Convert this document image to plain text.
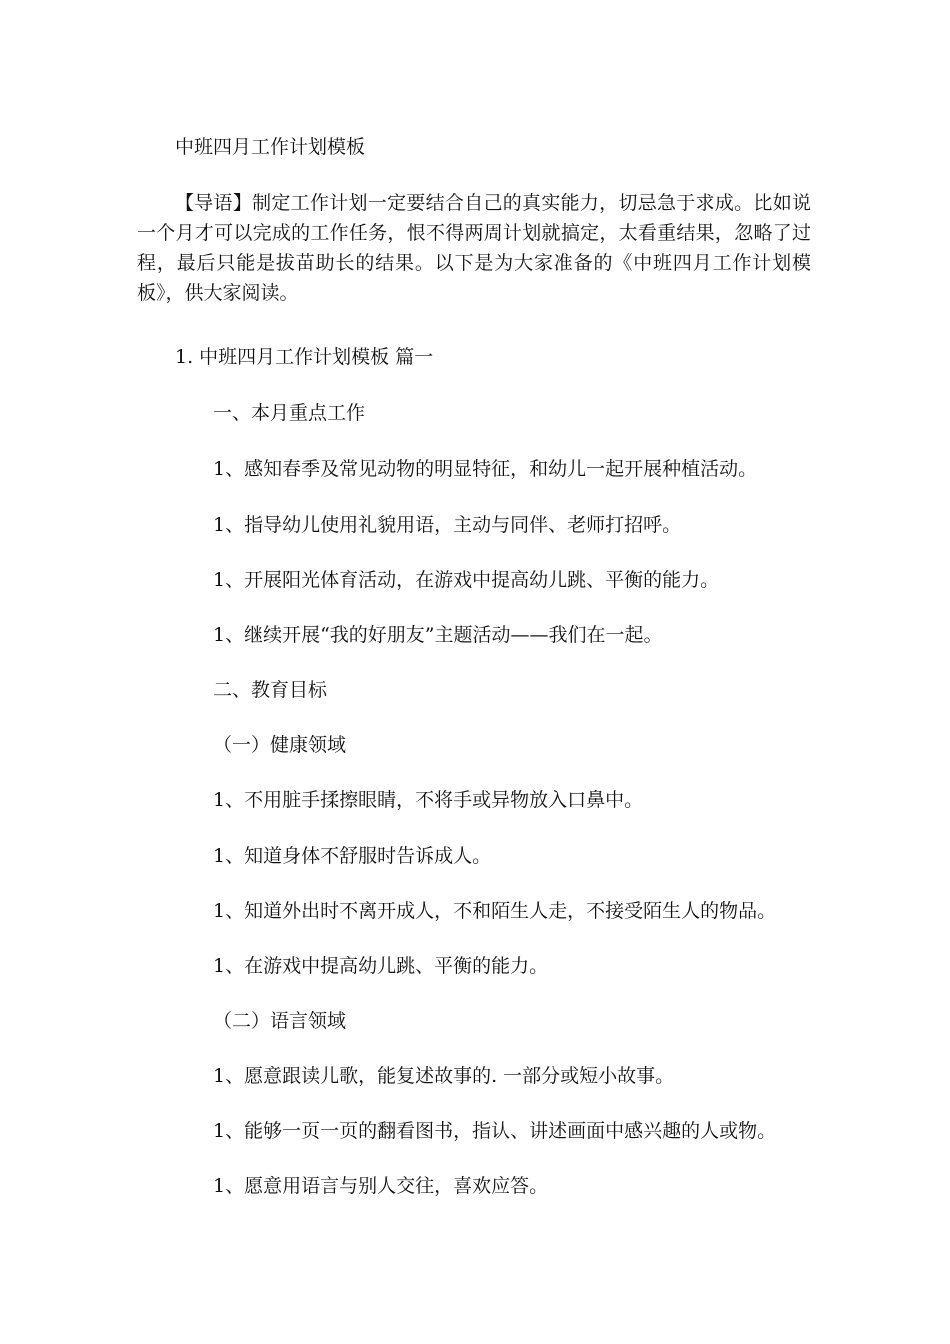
中班四月工作计划模板

【导语】制定工作计划一定要结合自己的真实能力，切忌急于求成。比如说一个月才可以完成的工作任务，恨不得两周计划就搞定，太看重结果，忽略了过程，最后只能是拔苗助长的结果。以下是为大家准备的《中班四月工作计划模板》，供大家阅读。

1. 中班四月工作计划模板 篇一

一、本月重点工作

1、感知春季及常见动物的明显特征，和幼儿一起开展种植活动。

1、指导幼儿使用礼貌用语，主动与同伴、老师打招呼。

1、开展阳光体育活动，在游戏中提高幼儿跳、平衡的能力。

1、继续开展“我的好朋友”主题活动——我们在一起。

二、教育目标

（一）健康领域

1、不用脏手揉擦眼睛，不将手或异物放入口鼻中。

1、知道身体不舒服时告诉成人。

1、知道外出时不离开成人，不和陌生人走，不接受陌生人的物品。

1、在游戏中提高幼儿跳、平衡的能力。

（二）语言领域

1、愿意跟读儿歌，能复述故事的. 一部分或短小故事。

1、能够一页一页的翻看图书，指认、讲述画面中感兴趣的人或物。

1、愿意用语言与别人交往，喜欢应答。
